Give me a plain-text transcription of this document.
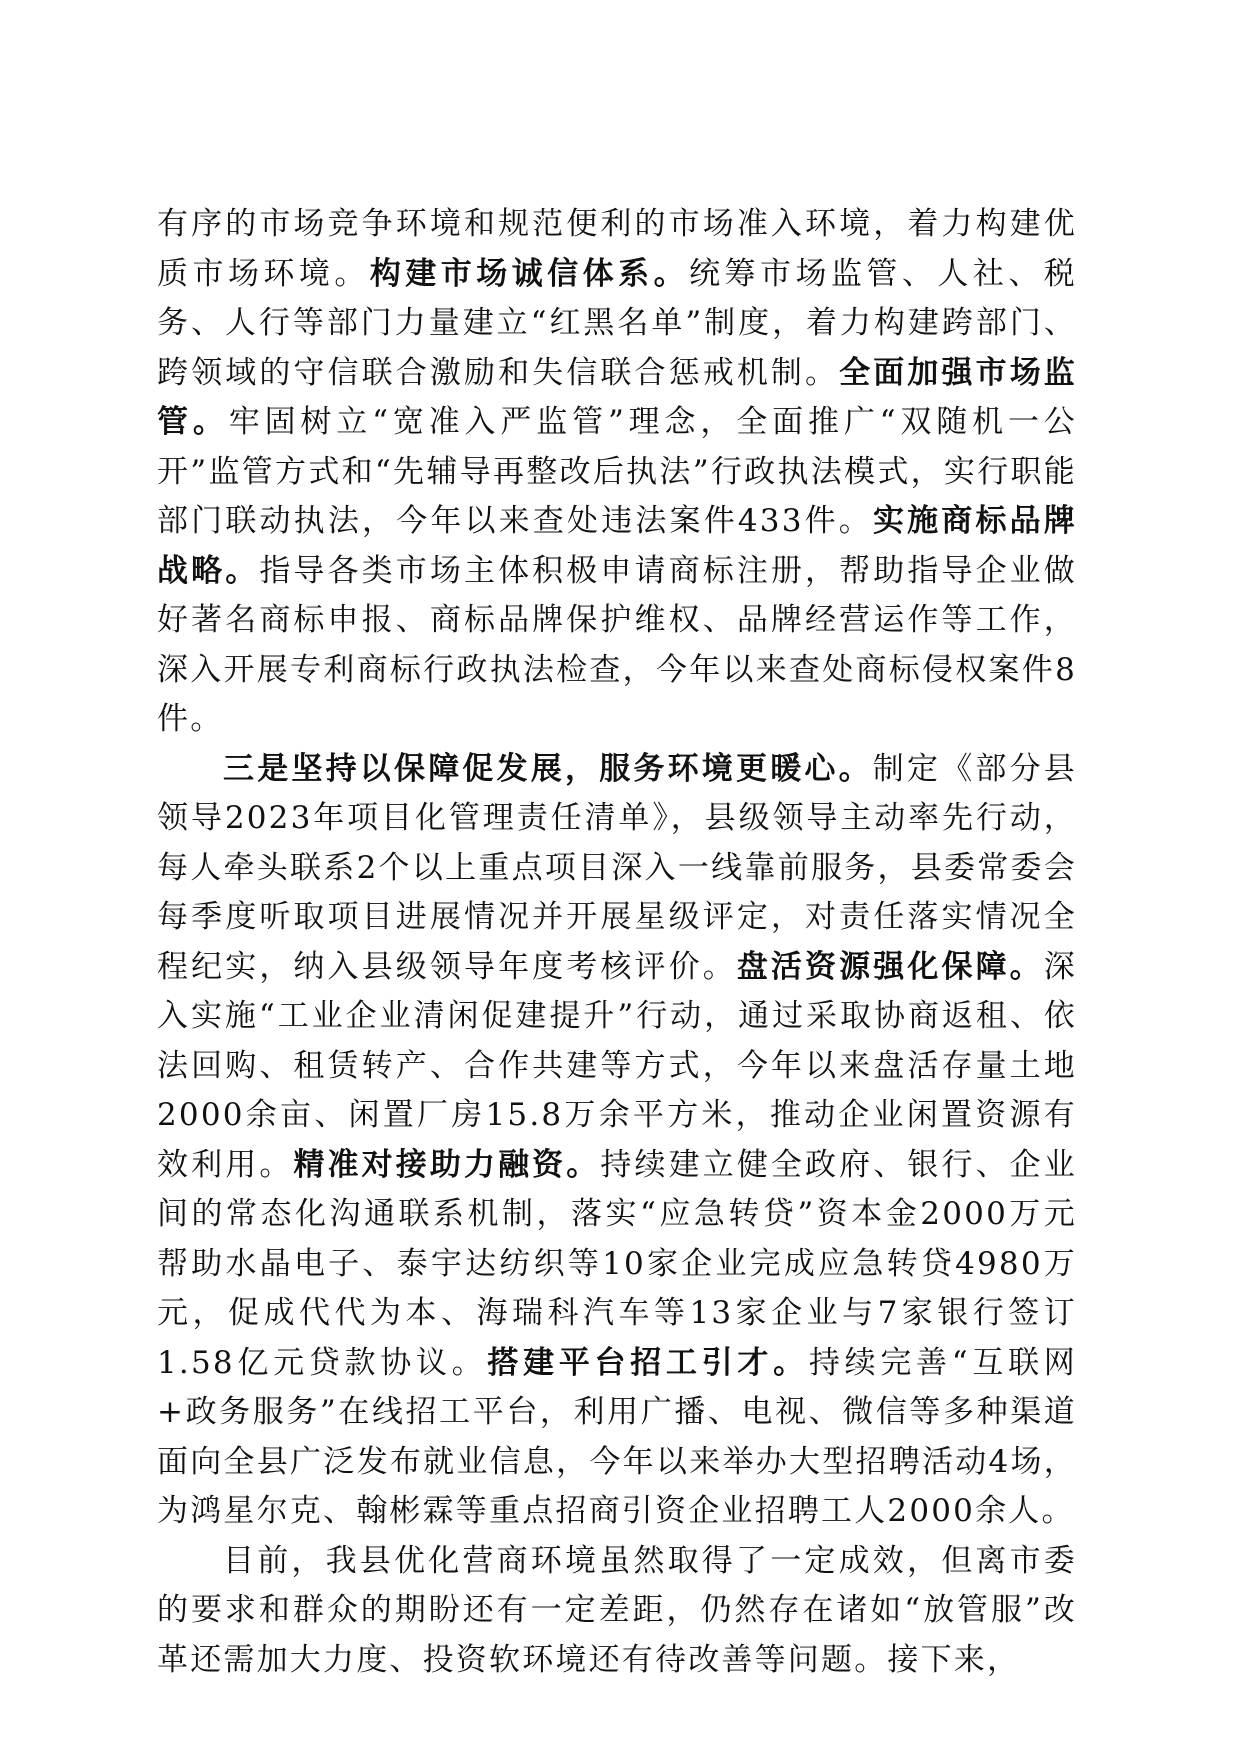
有序的市场竞争环境和规范便利的市场准入环境，着力构建优质市场环境。构建市场诚信体系。统筹市场监管、人社、税务、人行等部门力量建立“红黑名单”制度，着力构建跨部门、跨领域的守信联合激励和失信联合惩戒机制。全面加强市场监管。牢固树立“宽准入严监管”理念，全面推广“双随机一公开”监管方式和“先辅导再整改后执法”行政执法模式，实行职能部门联动执法，今年以来查处违法案件433件。实施商标品牌战略。指导各类市场主体积极申请商标注册，帮助指导企业做好著名商标申报、商标品牌保护维权、品牌经营运作等工作，深入开展专利商标行政执法检查，今年以来查处商标侵权案件8件。

三是坚持以保障促发展，服务环境更暖心。制定《部分县领导2023年项目化管理责任清单》，县级领导主动率先行动，每人牵头联系2个以上重点项目深入一线靠前服务，县委常委会每季度听取项目进展情况并开展星级评定，对责任落实情况全程纪实，纳入县级领导年度考核评价。盘活资源强化保障。深入实施“工业企业清闲促建提升”行动，通过采取协商返租、依法回购、租赁转产、合作共建等方式，今年以来盘活存量土地2000余亩、闲置厂房15.8万余平方米，推动企业闲置资源有效利用。精准对接助力融资。持续建立健全政府、银行、企业间的常态化沟通联系机制，落实“应急转贷”资本金2000万元帮助水晶电子、泰宇达纺织等10家企业完成应急转贷4980万元，促成代代为本、海瑞科汽车等13家企业与7家银行签订1.58亿元贷款协议。搭建平台招工引才。持续完善“互联网+政务服务”在线招工平台，利用广播、电视、微信等多种渠道面向全县广泛发布就业信息，今年以来举办大型招聘活动4场，为鸿星尔克、翰彬霖等重点招商引资企业招聘工人2000余人。

目前，我县优化营商环境虽然取得了一定成效，但离市委的要求和群众的期盼还有一定差距，仍然存在诸如“放管服”改革还需加大力度、投资软环境还有待改善等问题。接下来，
